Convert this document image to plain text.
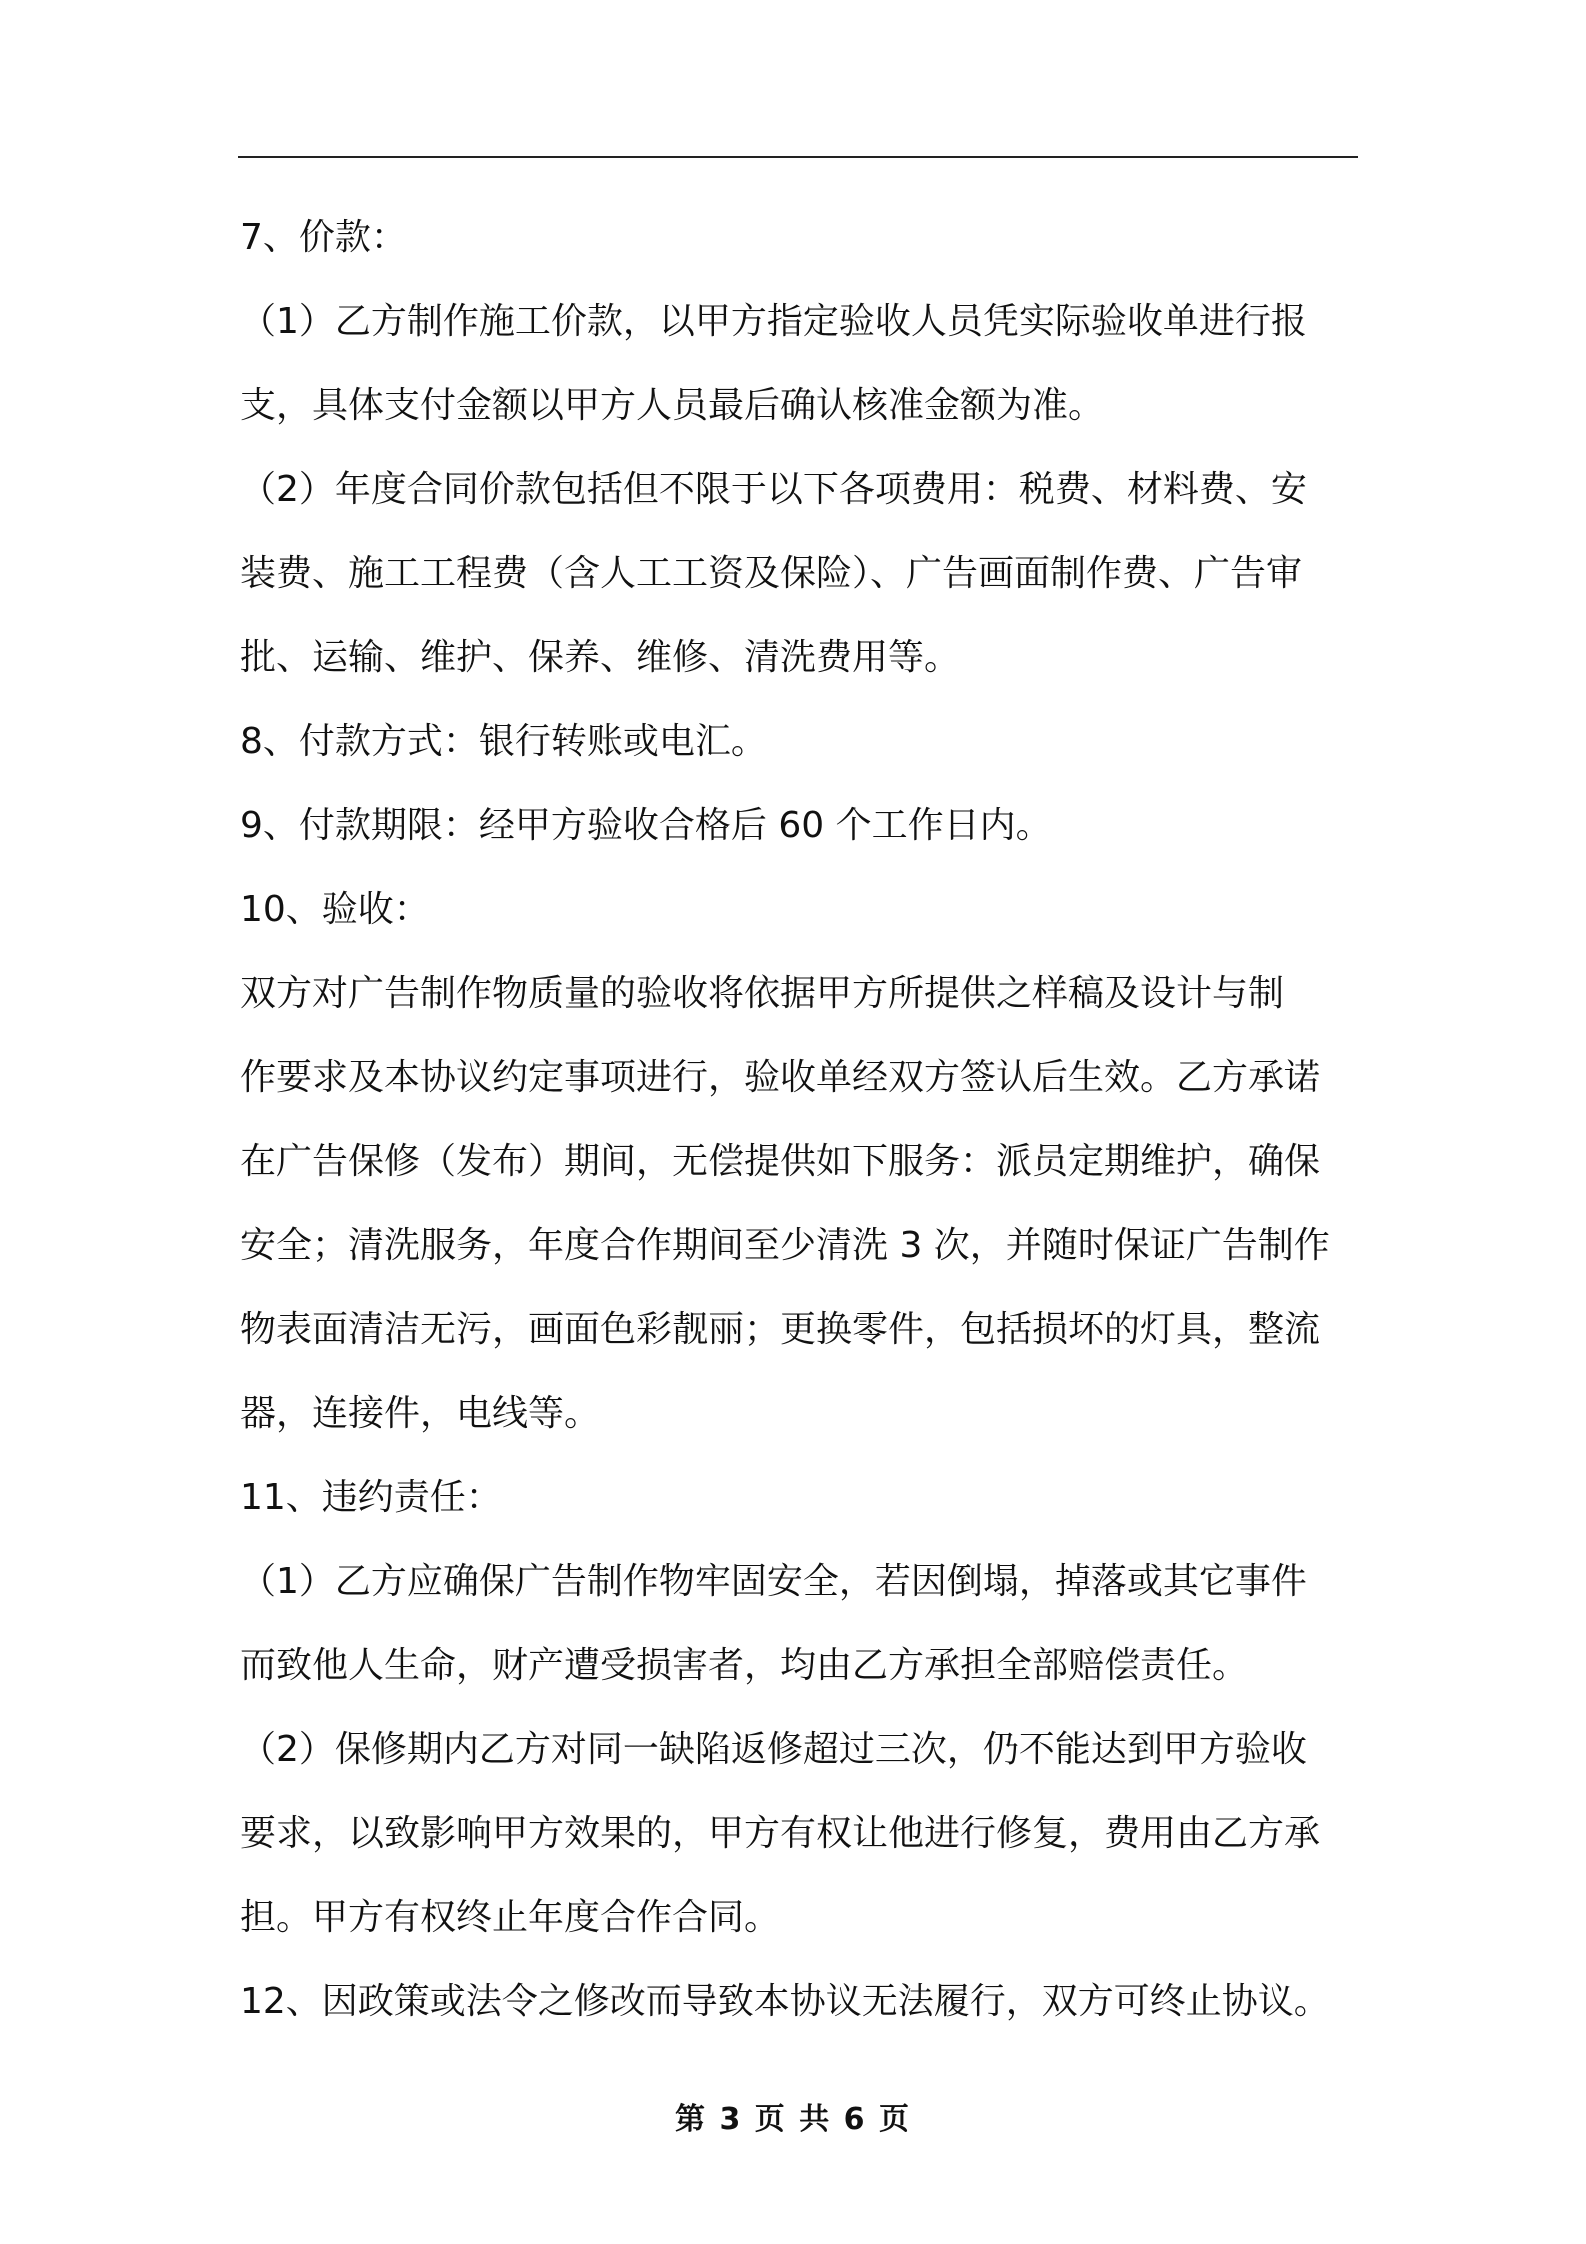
7、价款：
（1）乙方制作施工价款，以甲方指定验收人员凭实际验收单进行报
支，具体支付金额以甲方人员最后确认核准金额为准。
（2）年度合同价款包括但不限于以下各项费用：税费、材料费、安
装费、施工工程费（含人工工资及保险）、广告画面制作费、广告审
批、运输、维护、保养、维修、清洗费用等。
8、付款方式：银行转账或电汇。
9、付款期限：经甲方验收合格后 60 个工作日内。
10、验收：
双方对广告制作物质量的验收将依据甲方所提供之样稿及设计与制
作要求及本协议约定事项进行，验收单经双方签认后生效。乙方承诺
在广告保修（发布）期间，无偿提供如下服务：派员定期维护，确保
安全；清洗服务，年度合作期间至少清洗 3 次，并随时保证广告制作
物表面清洁无污，画面色彩靓丽；更换零件，包括损坏的灯具，整流
器，连接件，电线等。
11、违约责任：
（1）乙方应确保广告制作物牢固安全，若因倒塌，掉落或其它事件
而致他人生命，财产遭受损害者，均由乙方承担全部赔偿责任。
（2）保修期内乙方对同一缺陷返修超过三次，仍不能达到甲方验收
要求，以致影响甲方效果的，甲方有权让他进行修复，费用由乙方承
担。甲方有权终止年度合作合同。
12、因政策或法令之修改而导致本协议无法履行，双方可终止协议。
第 3 页 共 6 页
